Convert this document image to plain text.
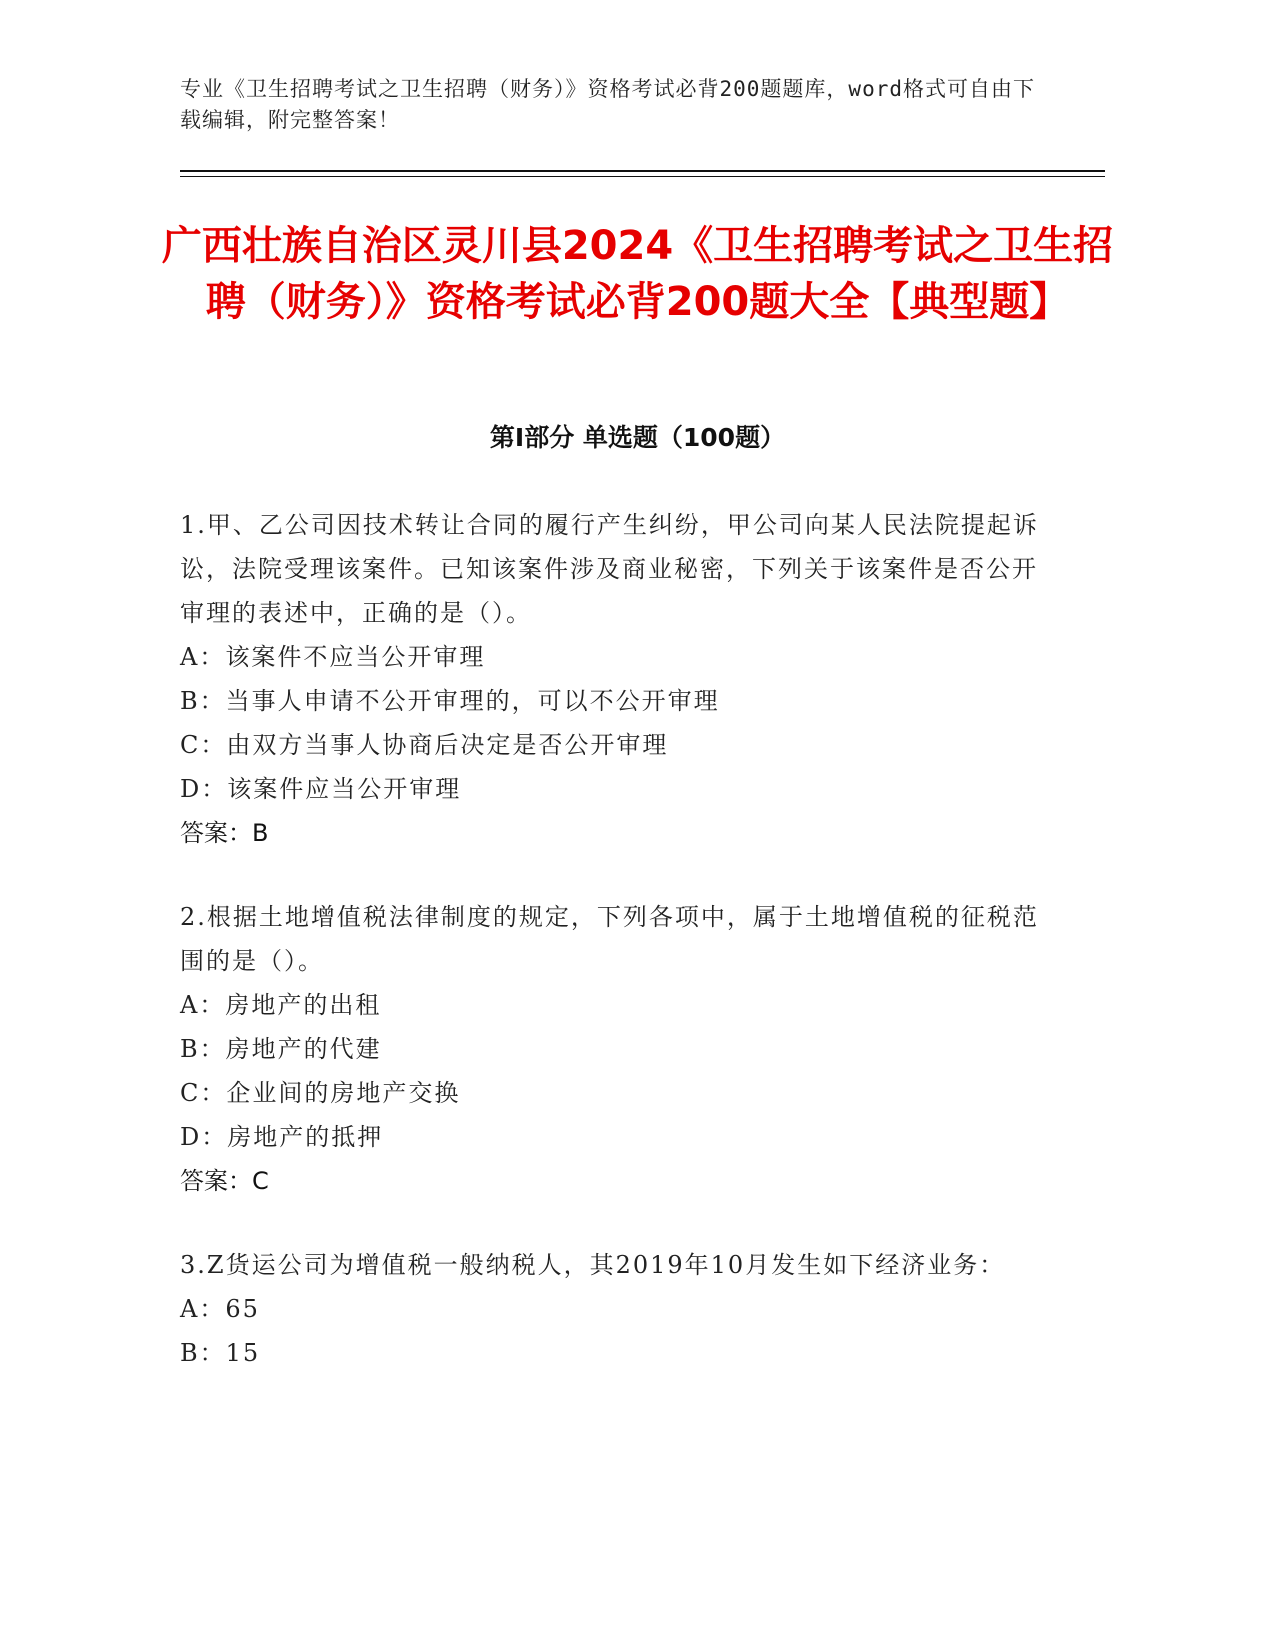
专业《卫生招聘考试之卫生招聘（财务）》资格考试必背200题题库，word格式可自由下载编辑，附完整答案！
广西壮族自治区灵川县2024《卫生招聘考试之卫生招聘（财务）》资格考试必背200题大全【典型题】
第I部分 单选题（100题）
1.甲、乙公司因技术转让合同的履行产生纠纷，甲公司向某人民法院提起诉讼，法院受理该案件。已知该案件涉及商业秘密，下列关于该案件是否公开审理的表述中，正确的是（）。
A：该案件不应当公开审理
B：当事人申请不公开审理的，可以不公开审理
C：由双方当事人协商后决定是否公开审理
D：该案件应当公开审理
答案：B
2.根据土地增值税法律制度的规定，下列各项中，属于土地增值税的征税范围的是（）。
A：房地产的出租
B：房地产的代建
C：企业间的房地产交换
D：房地产的抵押
答案：C
3.Z货运公司为增值税一般纳税人，其2019年10月发生如下经济业务：
A：65
B：15
